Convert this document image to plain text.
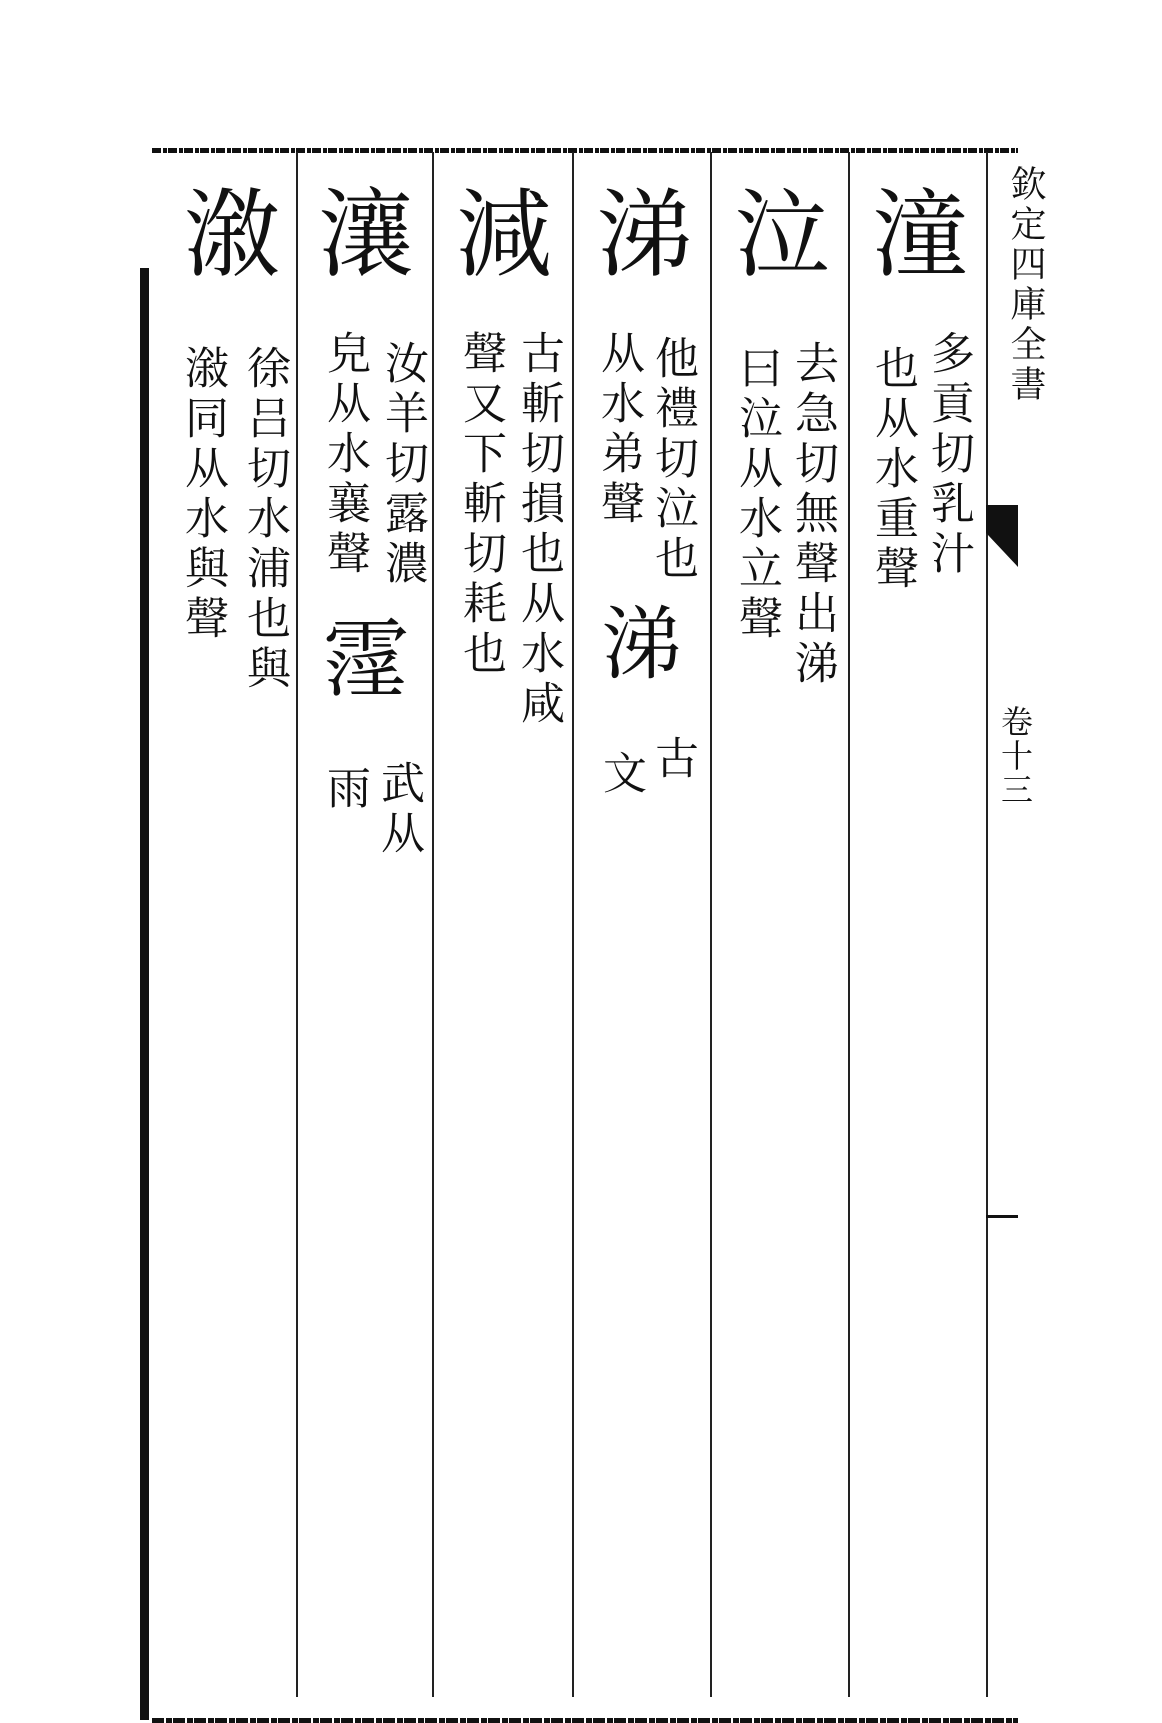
欽定四庫全書
卷十三
潼
多貢切乳汁
也从水重聲
泣
去急切無聲出涕
曰泣从水立聲
涕
他禮切泣也
从水弟聲
涕
古
文
減
古斬切損也从水咸
聲又下斬切耗也
瀼
汝羊切露濃
皃从水襄聲
霪
武从
雨
漵
徐吕切水浦也與
潊同从水與聲
